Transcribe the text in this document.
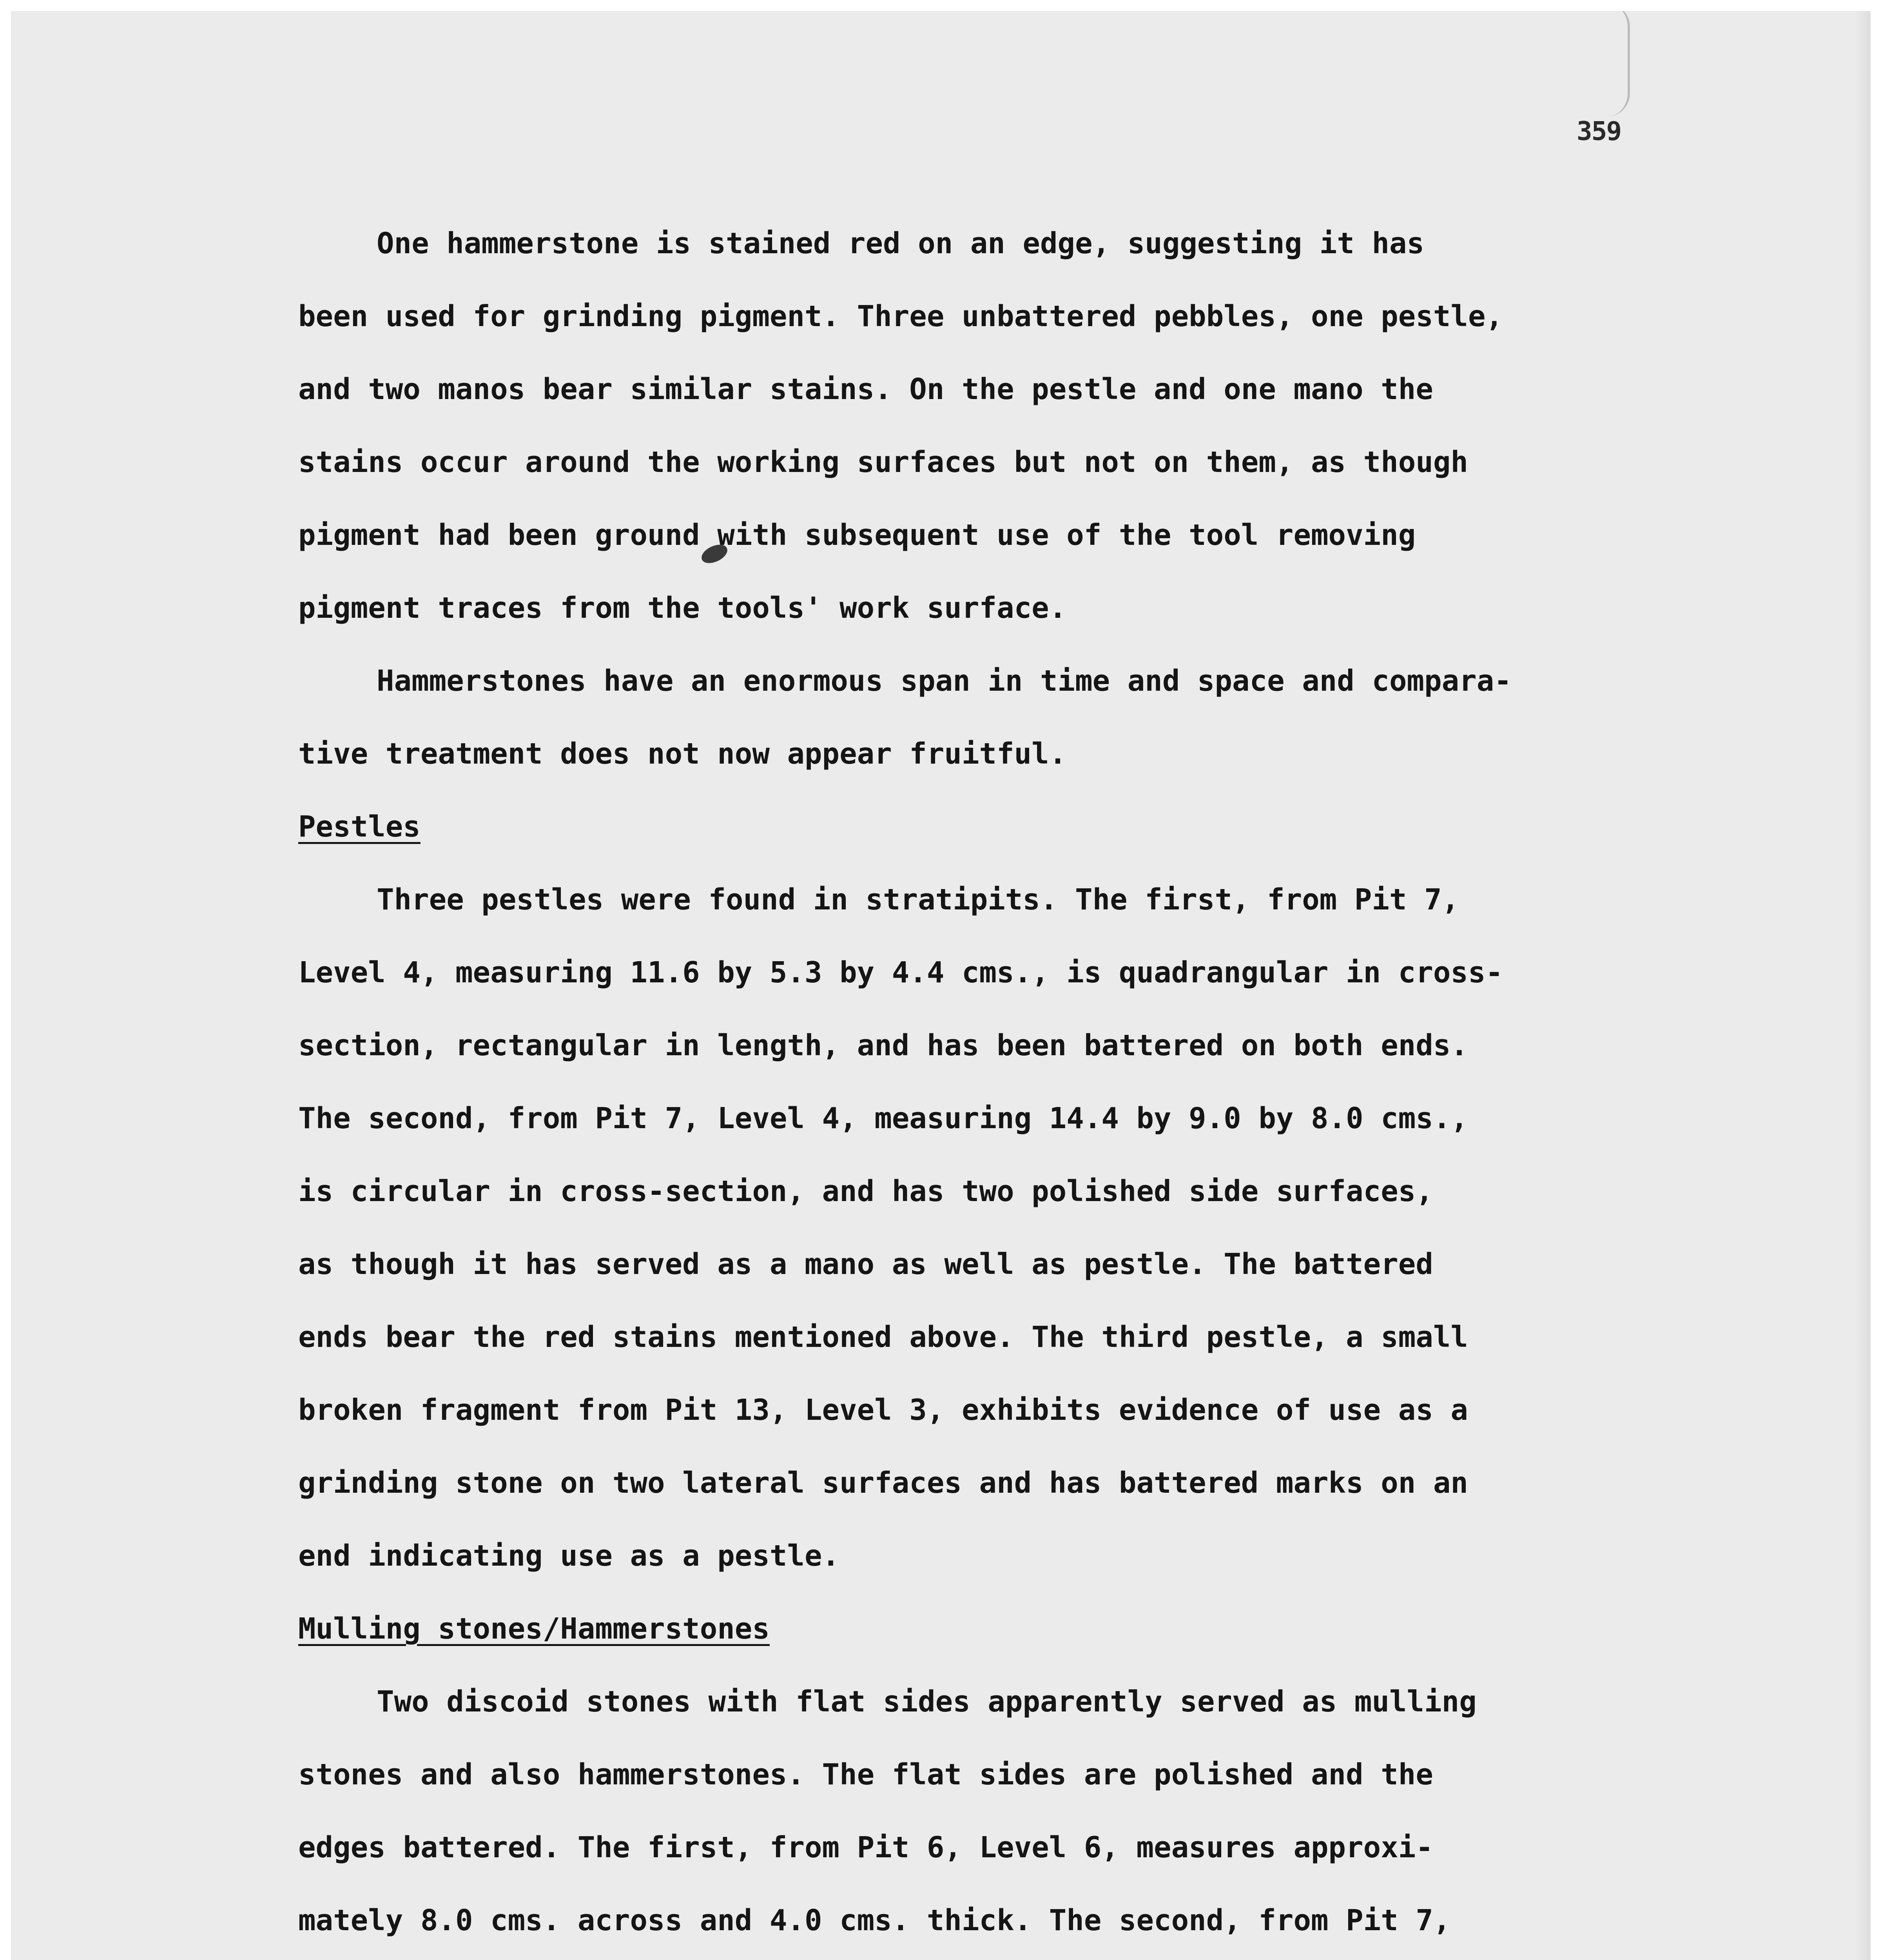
359

One hammerstone is stained red on an edge, suggesting it has
been used for grinding pigment. Three unbattered pebbles, one pestle,
and two manos bear similar stains. On the pestle and one mano the
stains occur around the working surfaces but not on them, as though
pigment had been ground with subsequent use of the tool removing
pigment traces from the tools' work surface.
Hammerstones have an enormous span in time and space and compara-
tive treatment does not now appear fruitful.
Pestles
Three pestles were found in stratipits. The first, from Pit 7,
Level 4, measuring 11.6 by 5.3 by 4.4 cms., is quadrangular in cross-
section, rectangular in length, and has been battered on both ends.
The second, from Pit 7, Level 4, measuring 14.4 by 9.0 by 8.0 cms.,
is circular in cross-section, and has two polished side surfaces,
as though it has served as a mano as well as pestle. The battered
ends bear the red stains mentioned above. The third pestle, a small
broken fragment from Pit 13, Level 3, exhibits evidence of use as a
grinding stone on two lateral surfaces and has battered marks on an
end indicating use as a pestle.
Mulling stones/Hammerstones
Two discoid stones with flat sides apparently served as mulling
stones and also hammerstones. The flat sides are polished and the
edges battered. The first, from Pit 6, Level 6, measures approxi-
mately 8.0 cms. across and 4.0 cms. thick. The second, from Pit 7,
